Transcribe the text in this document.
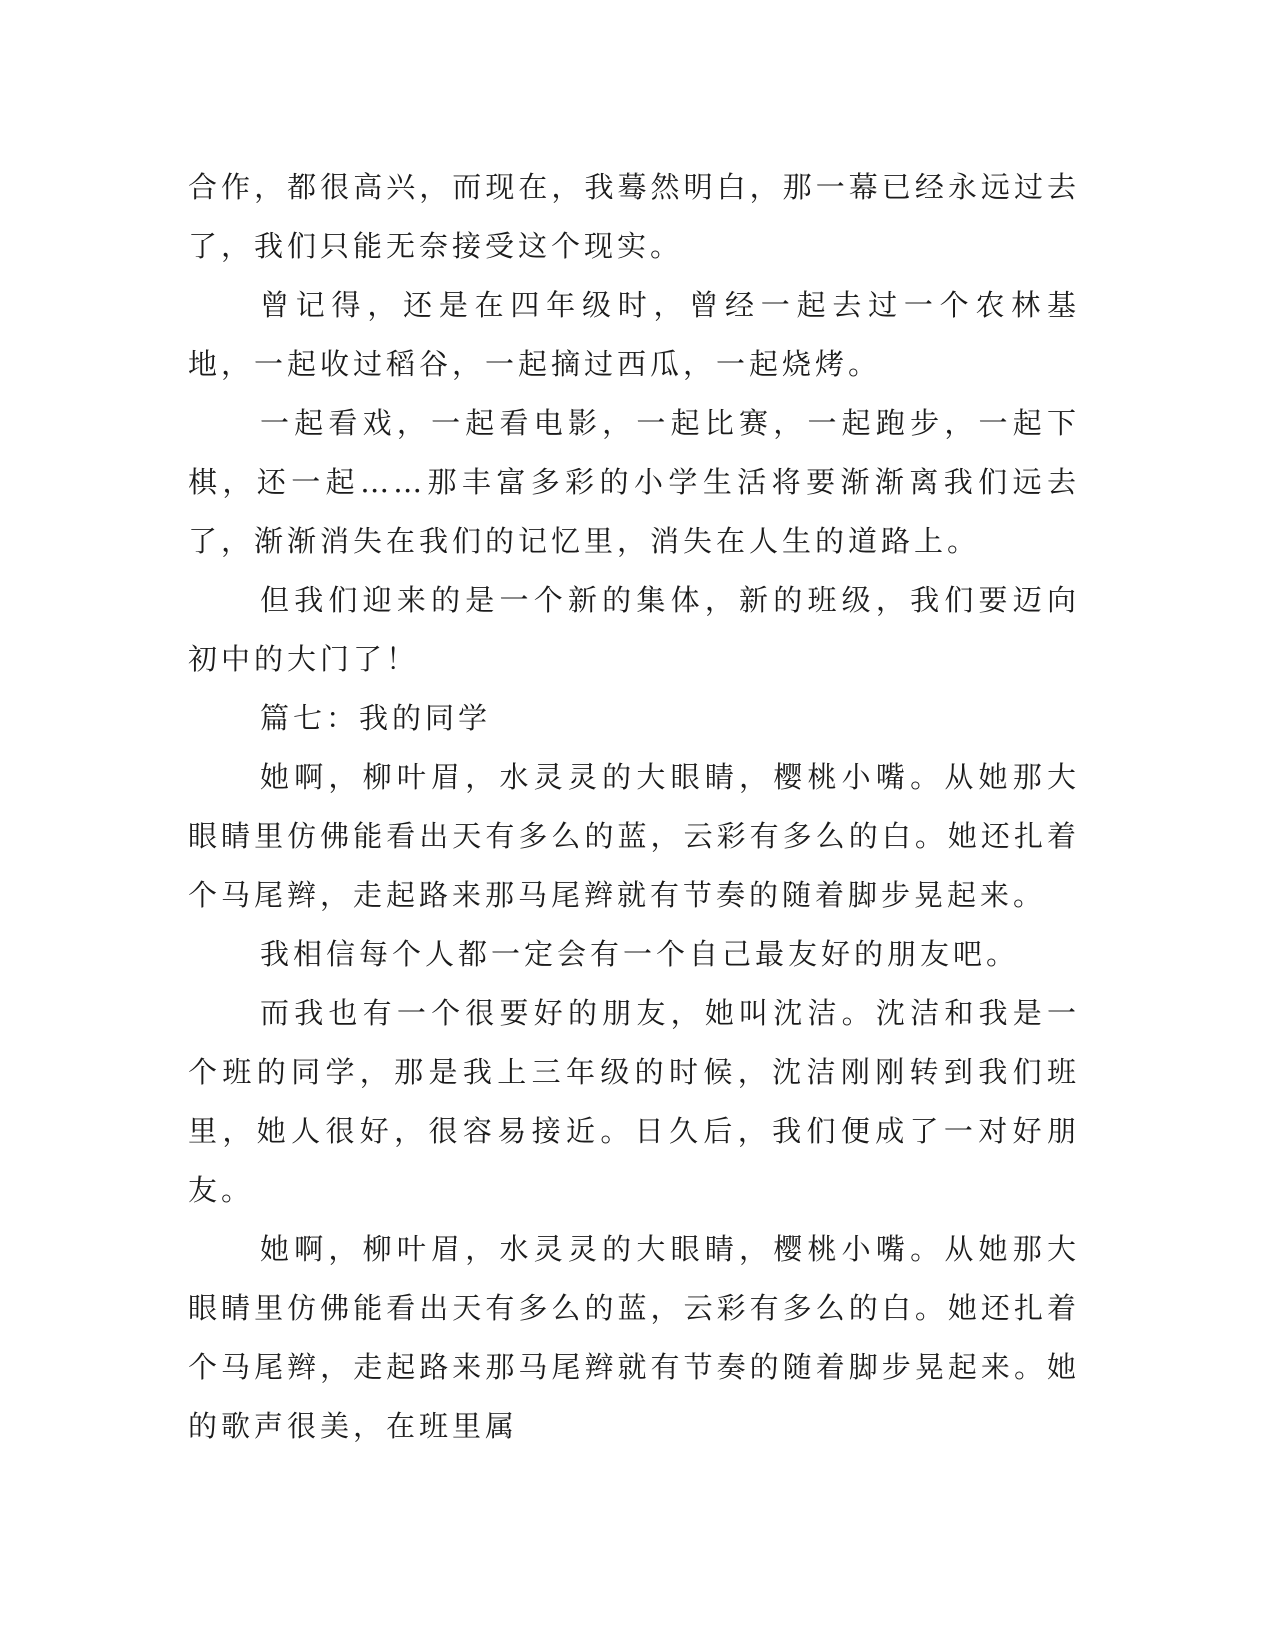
合作，都很高兴，而现在，我蓦然明白，那一幕已经永远过去了，我们只能无奈接受这个现实。

曾记得，还是在四年级时，曾经一起去过一个农林基地，一起收过稻谷，一起摘过西瓜，一起烧烤。

一起看戏，一起看电影，一起比赛，一起跑步，一起下棋，还一起……那丰富多彩的小学生活将要渐渐离我们远去了，渐渐消失在我们的记忆里，消失在人生的道路上。

但我们迎来的是一个新的集体，新的班级，我们要迈向初中的大门了！

篇七：我的同学

她啊，柳叶眉，水灵灵的大眼睛，樱桃小嘴。从她那大眼睛里仿佛能看出天有多么的蓝，云彩有多么的白。她还扎着个马尾辫，走起路来那马尾辫就有节奏的随着脚步晃起来。

我相信每个人都一定会有一个自己最友好的朋友吧。

而我也有一个很要好的朋友，她叫沈洁。沈洁和我是一个班的同学，那是我上三年级的时候，沈洁刚刚转到我们班里，她人很好，很容易接近。日久后，我们便成了一对好朋友。

她啊，柳叶眉，水灵灵的大眼睛，樱桃小嘴。从她那大眼睛里仿佛能看出天有多么的蓝，云彩有多么的白。她还扎着个马尾辫，走起路来那马尾辫就有节奏的随着脚步晃起来。她的歌声很美，在班里属
